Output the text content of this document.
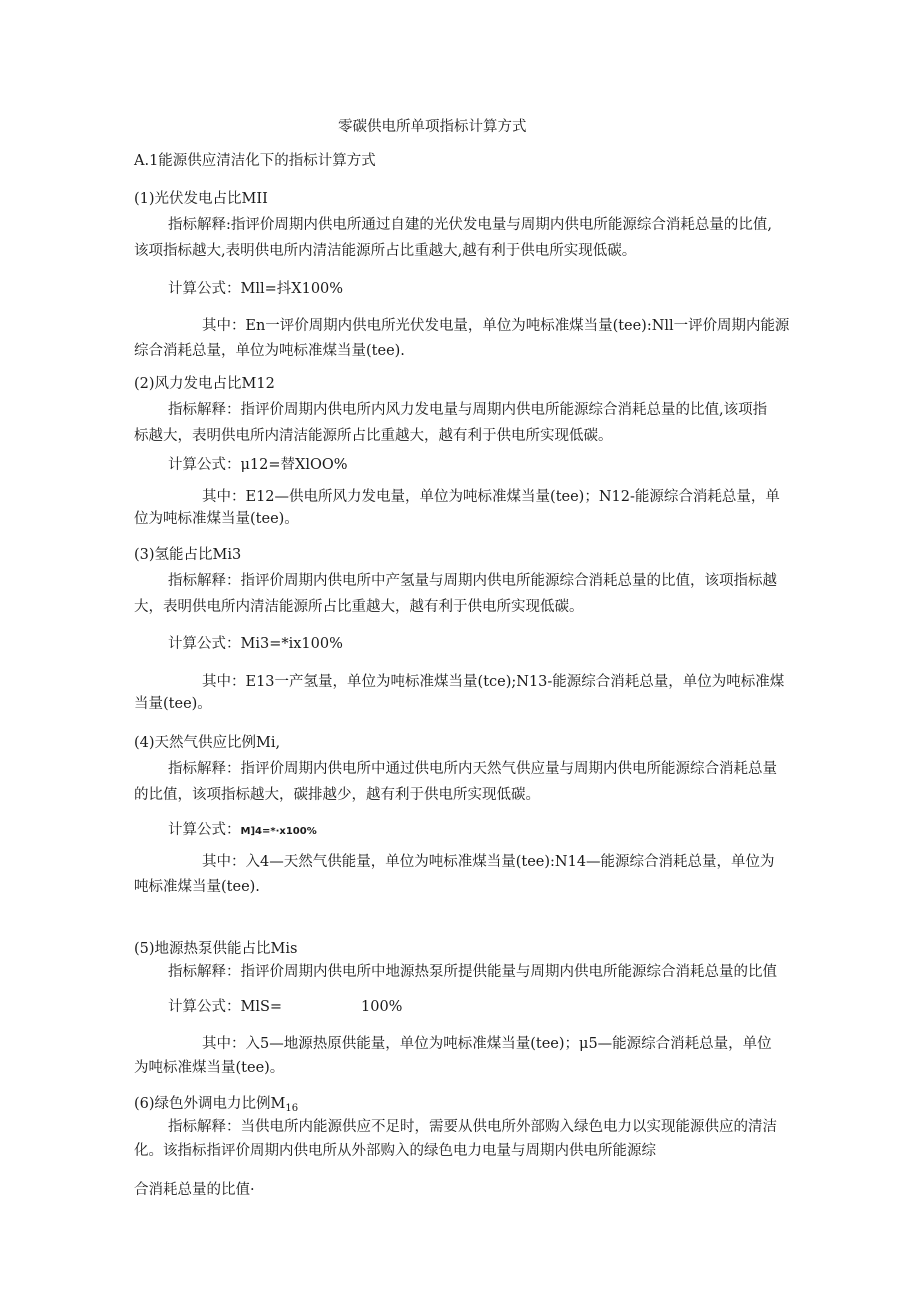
零碳供电所单项指标计算方式
A.1能源供应清洁化下的指标计算方式
(1)光伏发电占比MII
指标解释:指评价周期内供电所通过自建的光伏发电量与周期内供电所能源综合消耗总量的比值,
该项指标越大,表明供电所内清洁能源所占比重越大,越有利于供电所实现低碳。
计算公式：Mll=抖X100%
其中：En一评价周期内供电所光伏发电量，单位为吨标准煤当量(tee):Nll一评价周期内能源
综合消耗总量，单位为吨标准煤当量(tee).
(2)风力发电占比M12
指标解释：指评价周期内供电所内风力发电量与周期内供电所能源综合消耗总量的比值,该项指
标越大，表明供电所内清洁能源所占比重越大，越有利于供电所实现低碳。
计算公式：μ12=替XlOO%
其中：E12—供电所风力发电量，单位为吨标准煤当量(tee)；N12-能源综合消耗总量，单
位为吨标准煤当量(tee)。
(3)氢能占比Mi3
指标解释：指评价周期内供电所中产氢量与周期内供电所能源综合消耗总量的比值，该项指标越
大，表明供电所内清洁能源所占比重越大，越有利于供电所实现低碳。
计算公式：Mi3=*ix100%
其中：E13一产氢量，单位为吨标准煤当量(tce);N13-能源综合消耗总量，单位为吨标准煤
当量(tee)。
(4)天然气供应比例Mi,
指标解释：指评价周期内供电所中通过供电所内天然气供应量与周期内供电所能源综合消耗总量
的比值，该项指标越大，碳排越少，越有利于供电所实现低碳。
计算公式：M]4=*·x100%
其中：入4—天然气供能量，单位为吨标准煤当量(tee):N14—能源综合消耗总量，单位为
吨标准煤当量(tee).
(5)地源热泵供能占比Mis
指标解释：指评价周期内供电所中地源热泵所提供能量与周期内供电所能源综合消耗总量的比值
计算公式：MlS=	100%
其中：入5—地源热原供能量，单位为吨标准煤当量(tee)；μ5—能源综合消耗总量，单位
为吨标准煤当量(tee)。
(6)绿色外调电力比例$M_{16}$
指标解释：当供电所内能源供应不足时，需要从供电所外部购入绿色电力以实现能源供应的清洁
化。该指标指评价周期内供电所从外部购入的绿色电力电量与周期内供电所能源综
合消耗总量的比值·
